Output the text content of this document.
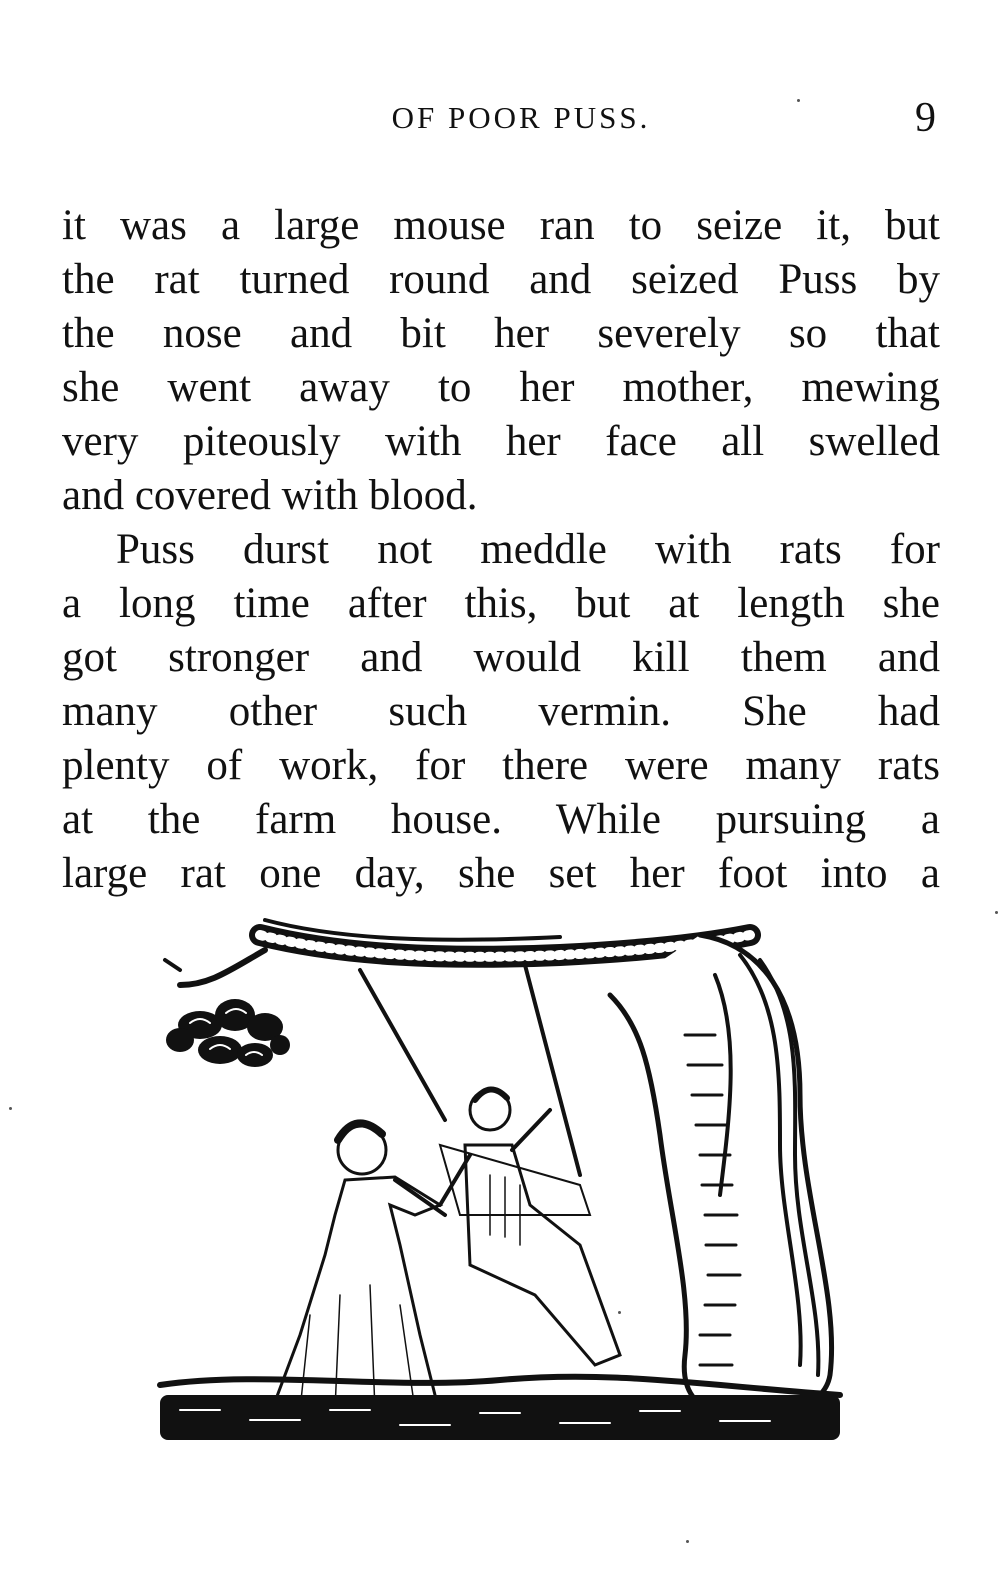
OF POOR PUSS.	9
it was a large mouse ran to seize it, but
the rat turned round and seized Puss by
the nose and bit her severely so that
she went away to her mother, mewing
very piteously with her face all swelled
and covered with blood.
Puss durst not meddle with rats for
a long time after this, but at length she
got stronger and would kill them and
many other such vermin. She had
plenty of work, for there were many rats
at the farm house. While pursuing a
large rat one day, she set her foot into a
